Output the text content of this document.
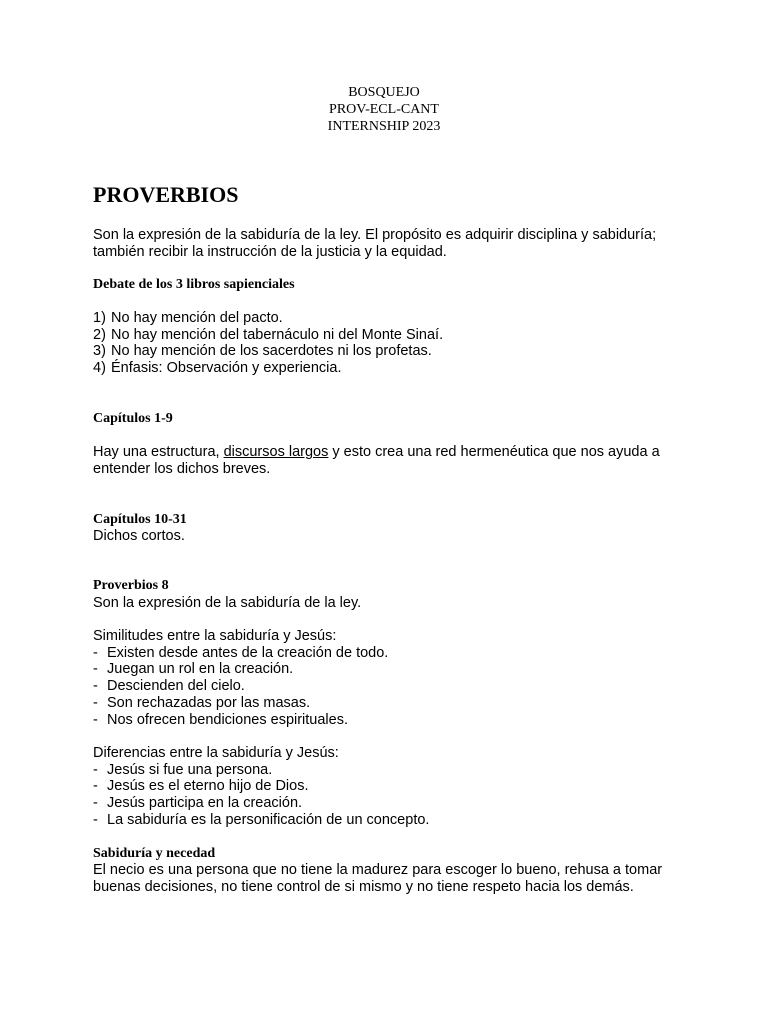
BOSQUEJO
PROV-ECL-CANT
INTERNSHIP 2023
PROVERBIOS
Son la expresión de la sabiduría de la ley. El propósito es adquirir disciplina y sabiduría; también recibir la instrucción de la justicia y la equidad.
Debate de los 3 libros sapienciales
1) No hay mención del pacto.
2) No hay mención del tabernáculo ni del Monte Sinaí.
3) No hay mención de los sacerdotes ni los profetas.
4) Énfasis: Observación y experiencia.
Capítulos 1-9
Hay una estructura, discursos largos y esto crea una red hermenéutica que nos ayuda a entender los dichos breves.
Capítulos 10-31
Dichos cortos.
Proverbios 8
Son la expresión de la sabiduría de la ley.
Similitudes entre la sabiduría y Jesús:
- Existen desde antes de la creación de todo.
- Juegan un rol en la creación.
- Descienden del cielo.
- Son rechazadas por las masas.
- Nos ofrecen bendiciones espirituales.
Diferencias entre la sabiduría y Jesús:
- Jesús si fue una persona.
- Jesús es el eterno hijo de Dios.
- Jesús participa en la creación.
- La sabiduría es la personificación de un concepto.
Sabiduría y necedad
El necio es una persona que no tiene la madurez para escoger lo bueno, rehusa a tomar buenas decisiones, no tiene control de si mismo y no tiene respeto hacia los demás.
